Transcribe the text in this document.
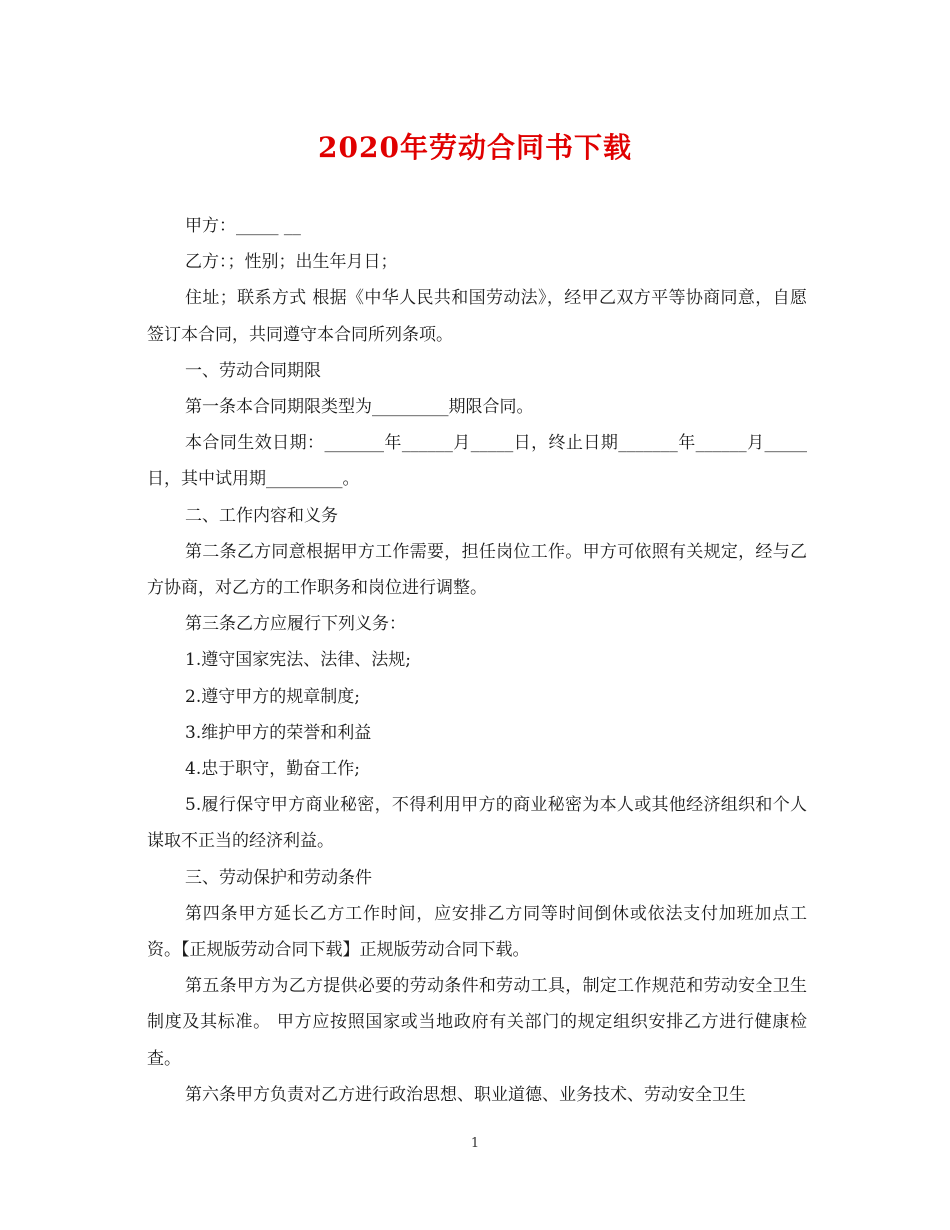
2020年劳动合同书下载

甲方：_____ __

乙方：；性别；出生年月日；

住址；联系方式 根据《中华人民共和国劳动法》，经甲乙双方平等协商同意，自愿签订本合同，共同遵守本合同所列条项。

一、劳动合同期限

第一条本合同期限类型为_________期限合同。

本合同生效日期：_______年______月_____日，终止日期_______年______月_____日，其中试用期_________。

二、工作内容和义务

第二条乙方同意根据甲方工作需要，担任岗位工作。甲方可依照有关规定，经与乙方协商，对乙方的工作职务和岗位进行调整。

第三条乙方应履行下列义务：

1.遵守国家宪法、法律、法规;

2.遵守甲方的规章制度;

3.维护甲方的荣誉和利益

4.忠于职守，勤奋工作;

5.履行保守甲方商业秘密，不得利用甲方的商业秘密为本人或其他经济组织和个人谋取不正当的经济利益。

三、劳动保护和劳动条件

第四条甲方延长乙方工作时间，应安排乙方同等时间倒休或依法支付加班加点工资。【正规版劳动合同下载】正规版劳动合同下载。

第五条甲方为乙方提供必要的劳动条件和劳动工具，制定工作规范和劳动安全卫生制度及其标准。 甲方应按照国家或当地政府有关部门的规定组织安排乙方进行健康检查。

第六条甲方负责对乙方进行政治思想、职业道德、业务技术、劳动安全卫生

1
